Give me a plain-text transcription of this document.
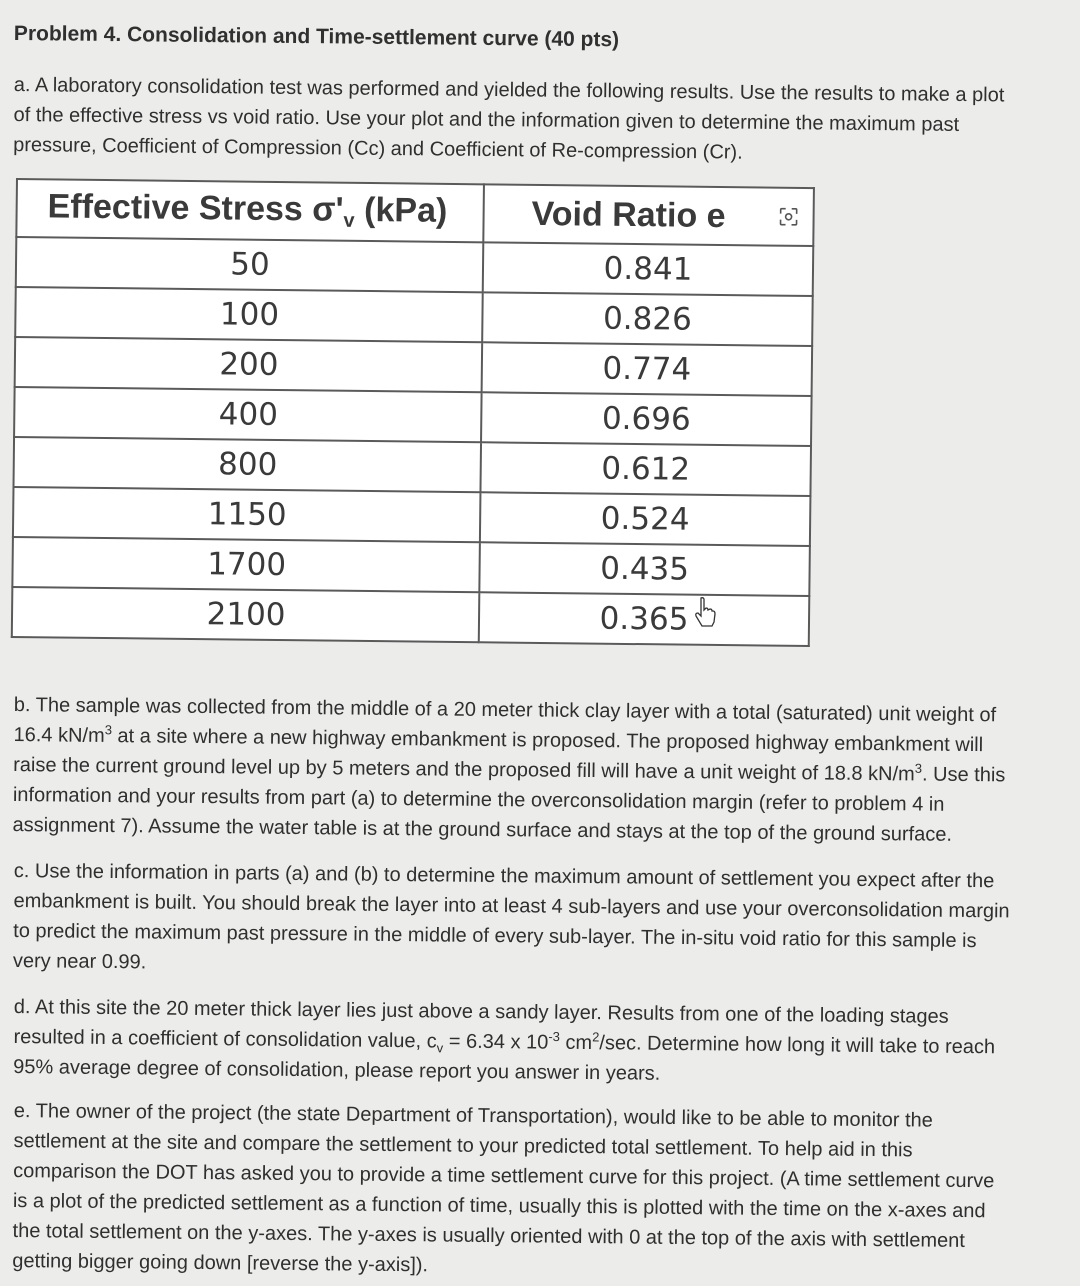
Problem 4. Consolidation and Time-settlement curve (40 pts)
a. A laboratory consolidation test was performed and yielded the following results. Use the results to make a plot of the effective stress vs void ratio. Use your plot and the information given to determine the maximum past pressure, Coefficient of Compression (Cc) and Coefficient of Re-compression (Cr).
Effective Stress σ'v (kPa)	Void Ratio e

50	0.841
100	0.826
200	0.774
400	0.696
800	0.612
1150	0.524
1700	0.435
2100	0.365
b. The sample was collected from the middle of a 20 meter thick clay layer with a total (saturated) unit weight of 16.4 $kN/m^3$ at a site where a new highway embankment is proposed. The proposed highway embankment will raise the current ground level up by 5 meters and the proposed fill will have a unit weight of 18.8 $kN/m^3$. Use this information and your results from part (a) to determine the overconsolidation margin (refer to problem 4 in assignment 7). Assume the water table is at the ground surface and stays at the top of the ground surface.
c. Use the information in parts (a) and (b) to determine the maximum amount of settlement you expect after the embankment is built. You should break the layer into at least 4 sub-layers and use your overconsolidation margin to predict the maximum past pressure in the middle of every sub-layer. The in-situ void ratio for this sample is very near 0.99.
d. At this site the 20 meter thick layer lies just above a sandy layer. Results from one of the loading stages resulted in a coefficient of consolidation value, $c_v = 6.34$ x $10^{-3}$ $cm^2/\sec$. Determine how long it will take to reach 95% average degree of consolidation, please report you answer in years.
e. The owner of the project (the state Department of Transportation), would like to be able to monitor the settlement at the site and compare the settlement to your predicted total settlement. To help aid in this comparison the DOT has asked you to provide a time settlement curve for this project. (A time settlement curve is a plot of the predicted settlement as a function of time, usually this is plotted with the time on the x-axes and the total settlement on the y-axes. The y-axes is usually oriented with 0 at the top of the axis with settlement getting bigger going down [reverse the y-axis]).
